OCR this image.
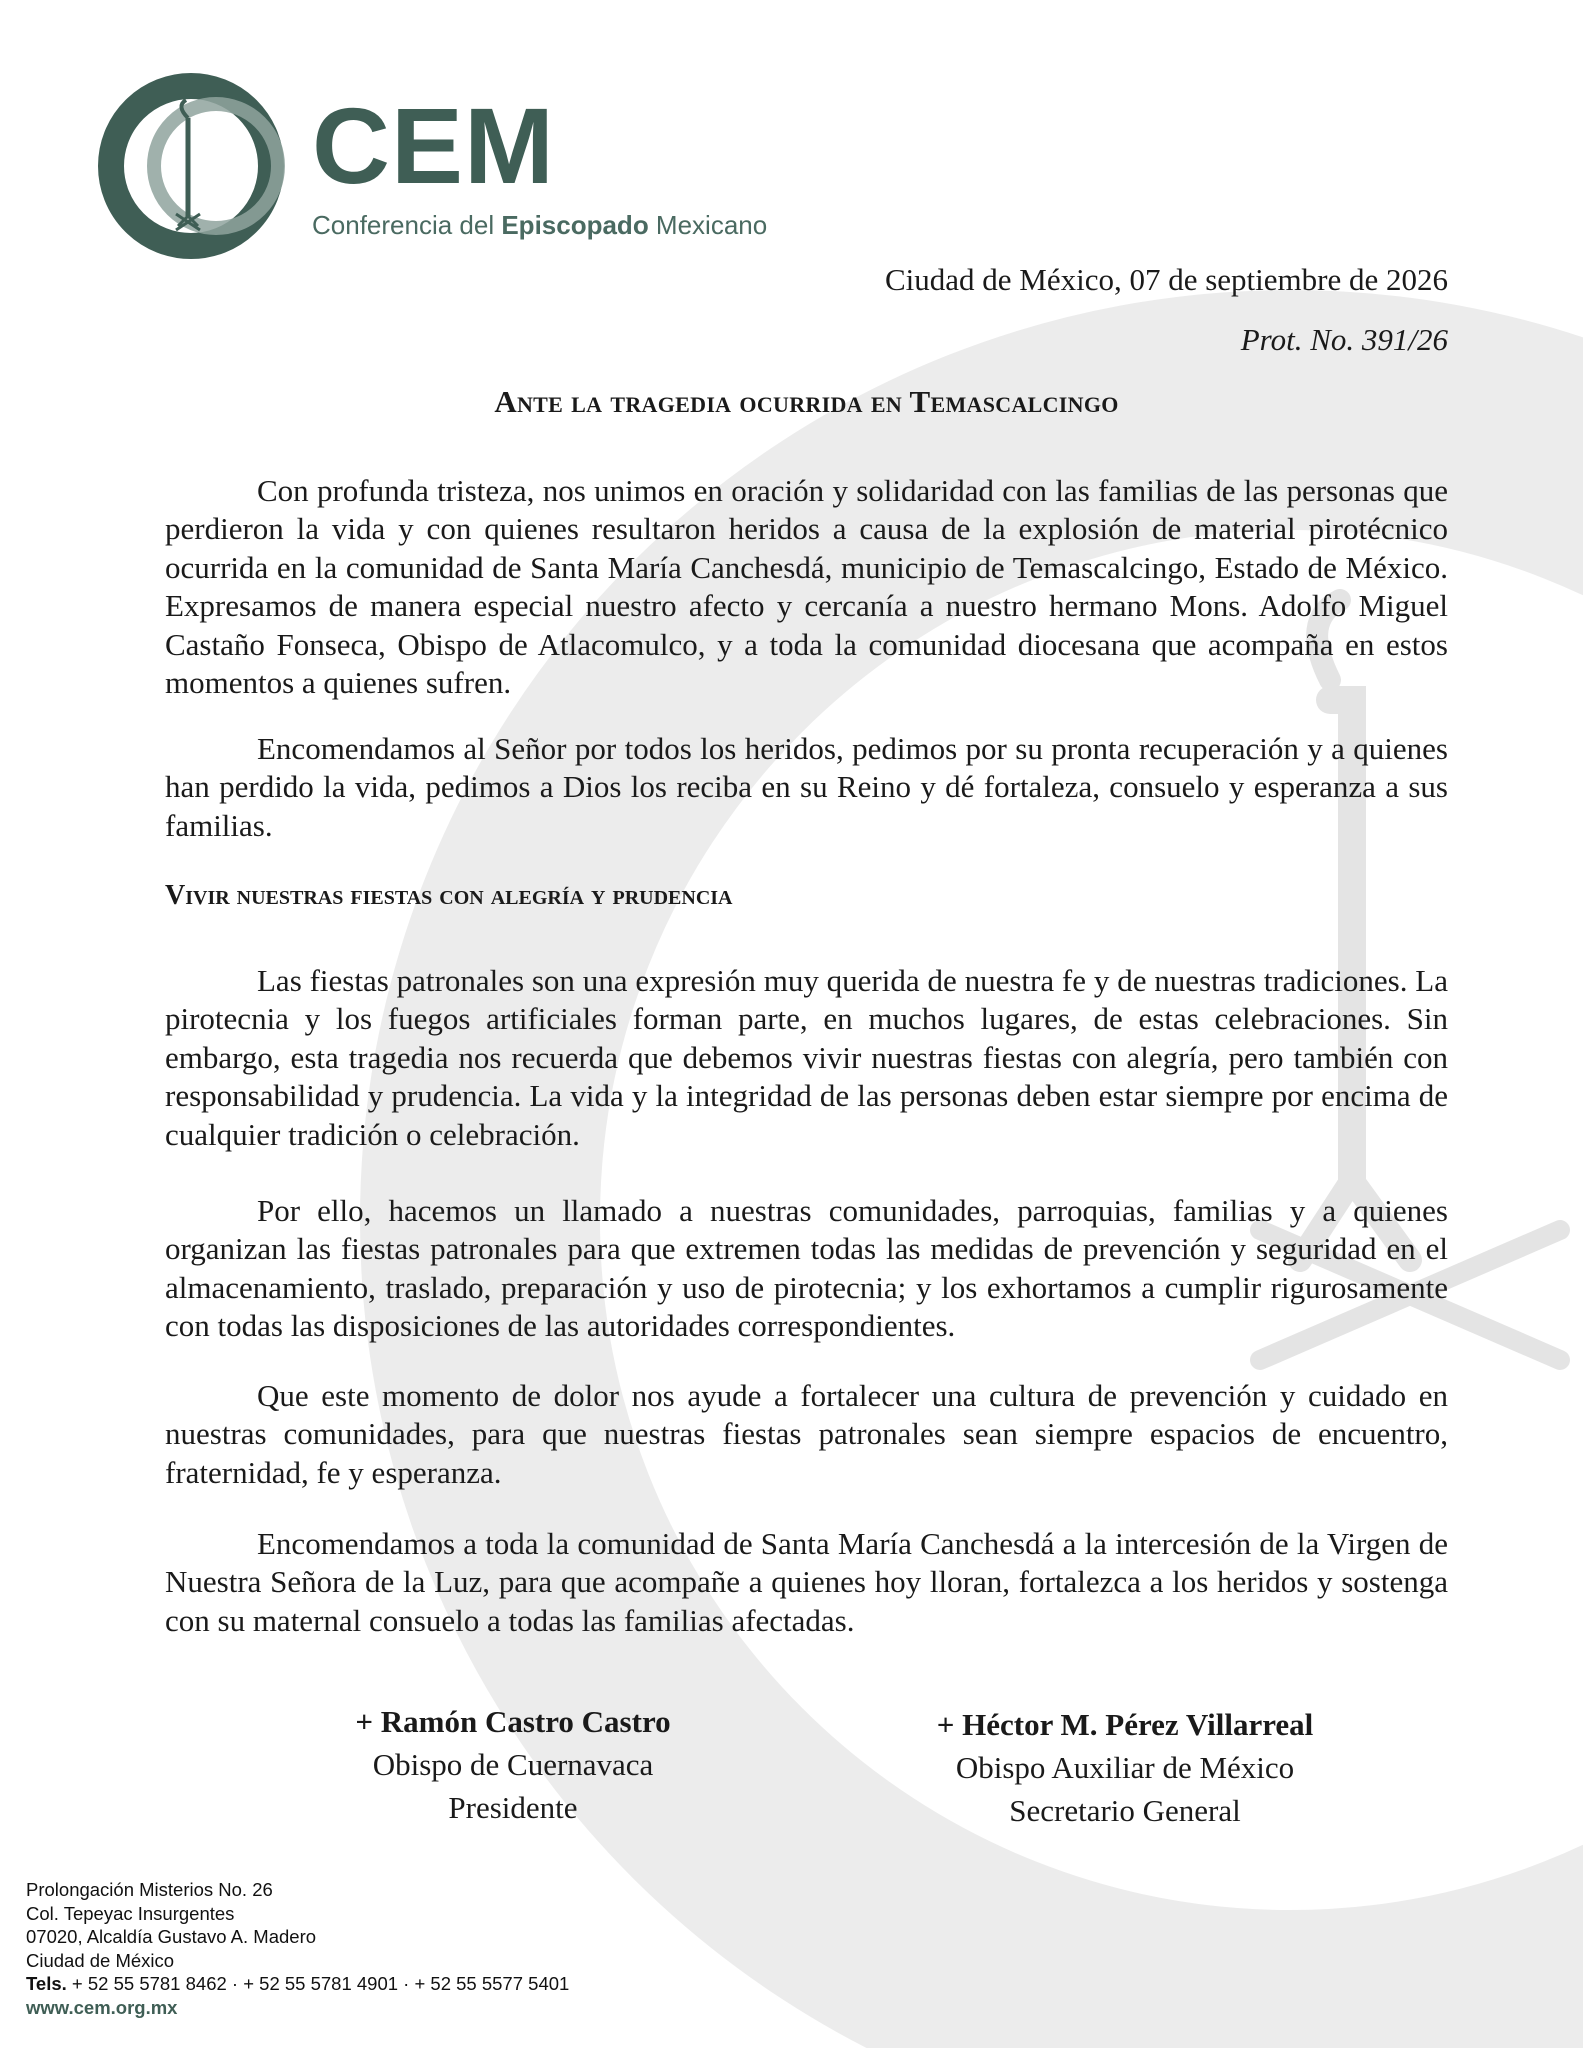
CEM
Conferencia del Episcopado Mexicano
Ciudad de México, 07 de septiembre de 2026
Prot. No. 391/26
Ante la tragedia ocurrida en Temascalcingo

Con profunda tristeza, nos unimos en oración y solidaridad con las familias de las personas que perdieron la vida y con quienes resultaron heridos a causa de la explosión de material pirotécnico ocurrida en la comunidad de Santa María Canchesdá, municipio de Temascalcingo, Estado de México. Expresamos de manera especial nuestro afecto y cercanía a nuestro hermano Mons. Adolfo Miguel Castaño Fonseca, Obispo de Atlacomulco, y a toda la comunidad diocesana que acompaña en estos momentos a quienes sufren.

Encomendamos al Señor por todos los heridos, pedimos por su pronta recuperación y a quienes han perdido la vida, pedimos a Dios los reciba en su Reino y dé fortaleza, consuelo y esperanza a sus familias.

Vivir nuestras fiestas con alegría y prudencia

Las fiestas patronales son una expresión muy querida de nuestra fe y de nuestras tradiciones. La pirotecnia y los fuegos artificiales forman parte, en muchos lugares, de estas celebraciones. Sin embargo, esta tragedia nos recuerda que debemos vivir nuestras fiestas con alegría, pero también con responsabilidad y prudencia. La vida y la integridad de las personas deben estar siempre por encima de cualquier tradición o celebración.

Por ello, hacemos un llamado a nuestras comunidades, parroquias, familias y a quienes organizan las fiestas patronales para que extremen todas las medidas de prevención y seguridad en el almacenamiento, traslado, preparación y uso de pirotecnia; y los exhortamos a cumplir rigurosamente con todas las disposiciones de las autoridades correspondientes.

Que este momento de dolor nos ayude a fortalecer una cultura de prevención y cuidado en nuestras comunidades, para que nuestras fiestas patronales sean siempre espacios de encuentro, fraternidad, fe y esperanza.

Encomendamos a toda la comunidad de Santa María Canchesdá a la intercesión de la Virgen de Nuestra Señora de la Luz, para que acompañe a quienes hoy lloran, fortalezca a los heridos y sostenga con su maternal consuelo a todas las familias afectadas.

+ Ramón Castro Castro
Obispo de Cuernavaca
Presidente
+ Héctor M. Pérez Villarreal
Obispo Auxiliar de México
Secretario General
Prolongación Misterios No. 26
Col. Tepeyac Insurgentes
07020, Alcaldía Gustavo A. Madero
Ciudad de México
Tels. + 52 55 5781 8462 · + 52 55 5781 4901 · + 52 55 5577 5401
www.cem.org.mx
